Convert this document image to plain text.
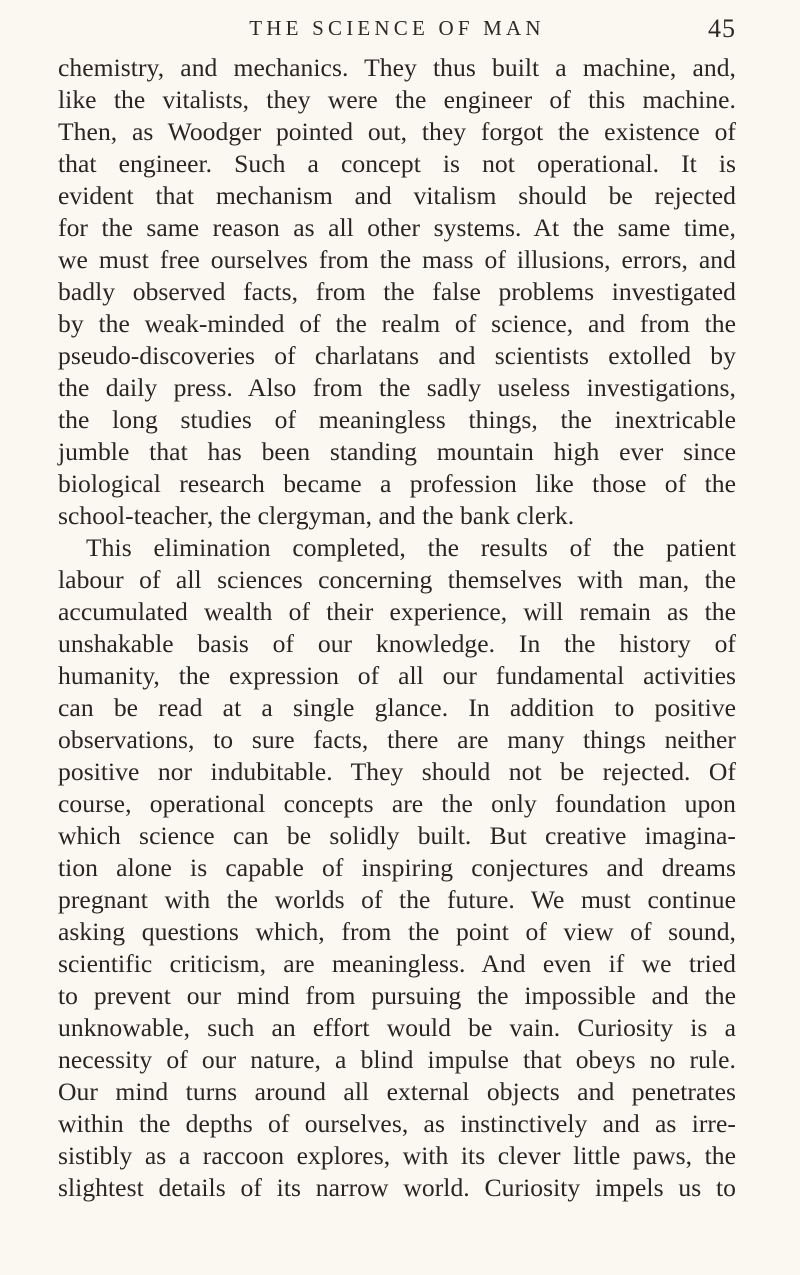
THE SCIENCE OF MAN	45
chemistry, and mechanics. They thus built a machine, and,
like the vitalists, they were the engineer of this machine.
Then, as Woodger pointed out, they forgot the existence of
that engineer. Such a concept is not operational. It is
evident that mechanism and vitalism should be rejected
for the same reason as all other systems. At the same time,
we must free ourselves from the mass of illusions, errors, and
badly observed facts, from the false problems investigated
by the weak-minded of the realm of science, and from the
pseudo-discoveries of charlatans and scientists extolled by
the daily press. Also from the sadly useless investigations,
the long studies of meaningless things, the inextricable
jumble that has been standing mountain high ever since
biological research became a profession like those of the
school-teacher, the clergyman, and the bank clerk.
This elimination completed, the results of the patient
labour of all sciences concerning themselves with man, the
accumulated wealth of their experience, will remain as the
unshakable basis of our knowledge. In the history of
humanity, the expression of all our fundamental activities
can be read at a single glance. In addition to positive
observations, to sure facts, there are many things neither
positive nor indubitable. They should not be rejected. Of
course, operational concepts are the only foundation upon
which science can be solidly built. But creative imagina-
tion alone is capable of inspiring conjectures and dreams
pregnant with the worlds of the future. We must continue
asking questions which, from the point of view of sound,
scientific criticism, are meaningless. And even if we tried
to prevent our mind from pursuing the impossible and the
unknowable, such an effort would be vain. Curiosity is a
necessity of our nature, a blind impulse that obeys no rule.
Our mind turns around all external objects and penetrates
within the depths of ourselves, as instinctively and as irre-
sistibly as a raccoon explores, with its clever little paws, the
slightest details of its narrow world. Curiosity impels us to
